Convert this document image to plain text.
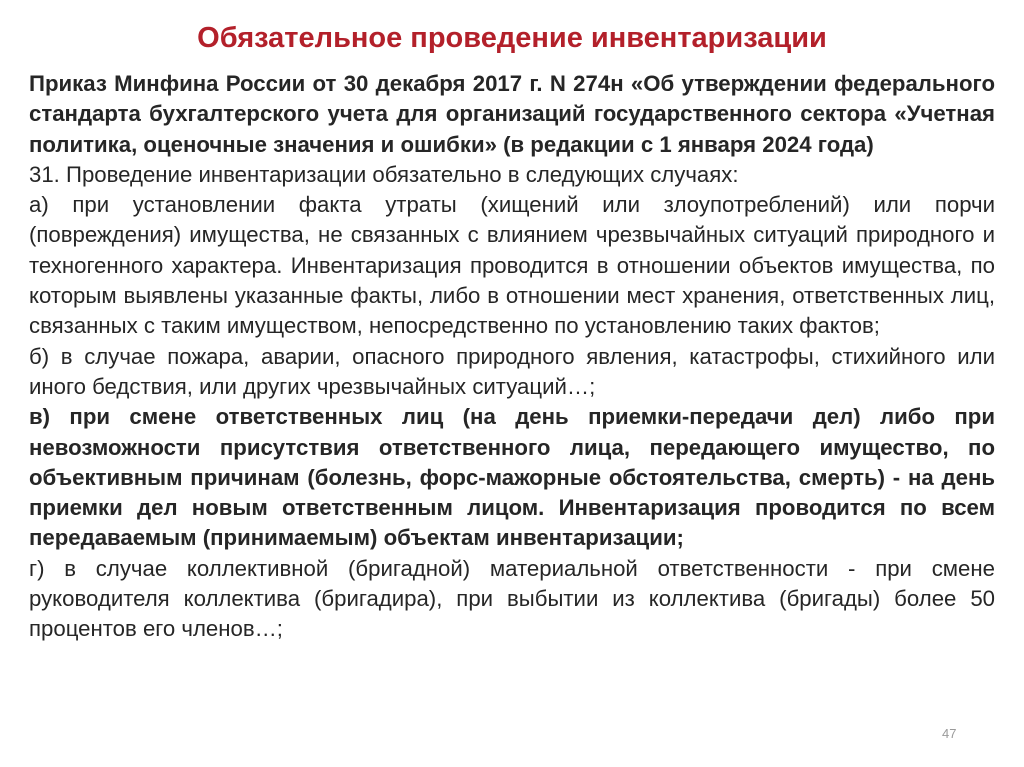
Обязательное проведение инвентаризации

Приказ Минфина России от 30 декабря 2017 г. N 274н «Об утверждении федерального стандарта бухгалтерского учета для организаций государственного сектора «Учетная политика, оценочные значения и ошибки» (в редакции с 1 января 2024 года)

31. Проведение инвентаризации обязательно в следующих случаях:

а) при установлении факта утраты (хищений или злоупотреблений) или порчи (повреждения) имущества, не связанных с влиянием чрезвычайных ситуаций природного и техногенного характера. Инвентаризация проводится в отношении объектов имущества, по которым выявлены указанные факты, либо в отношении мест хранения, ответственных лиц, связанных с таким имуществом, непосредственно по установлению таких фактов;

б) в случае пожара, аварии, опасного природного явления, катастрофы, стихийного или иного бедствия, или других чрезвычайных ситуаций…;

в) при смене ответственных лиц (на день приемки-передачи дел) либо при невозможности присутствия ответственного лица, передающего имущество, по объективным причинам (болезнь, форс-мажорные обстоятельства, смерть) - на день приемки дел новым ответственным лицом. Инвентаризация проводится по всем передаваемым (принимаемым) объектам инвентаризации;

г) в случае коллективной (бригадной) материальной ответственности - при смене руководителя коллектива (бригадира), при выбытии из коллектива (бригады) более 50 процентов его членов…;

47
